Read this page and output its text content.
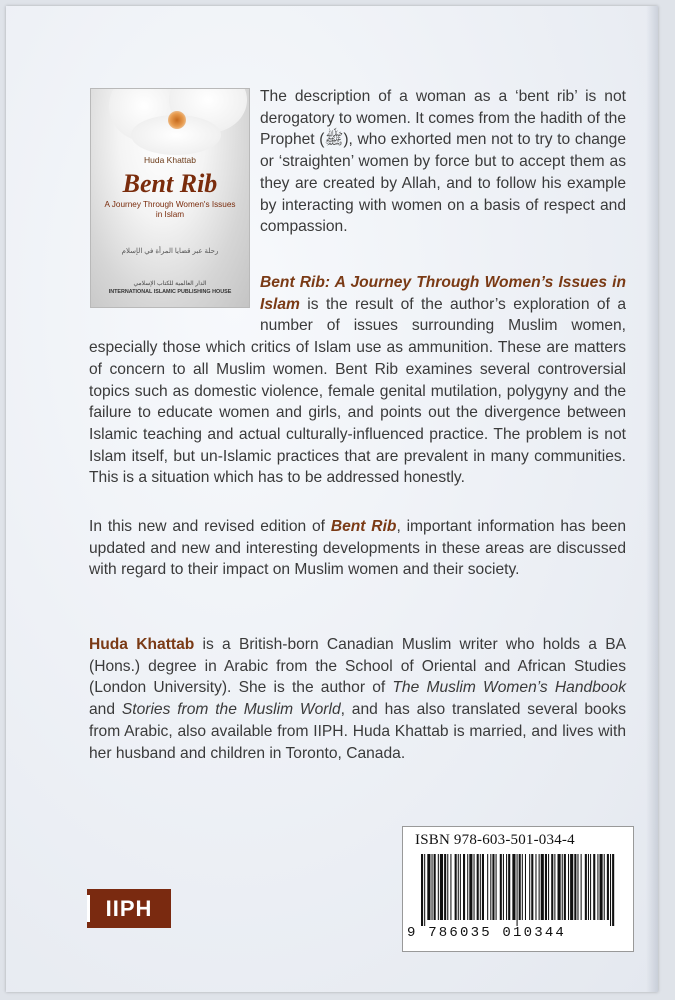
Huda Khattab
Bent Rib
A Journey Through Women's Issues in Islam
رحلة عبر قضايا المرأة في الإسلام
الدار العالمية للكتاب الإسلامي
INTERNATIONAL ISLAMIC PUBLISHING HOUSE
The description of a woman as a ‘bent rib’ is not derogatory to women. It comes from the hadith of the Prophet (ﷺ), who exhorted men not to try to change or ‘straighten’ women by force but to accept them as they are created by Allah, and to follow his example by interacting with women on a basis of respect and compassion.
Bent Rib: A Journey Through Women’s Issues in Islam is the result of the author’s exploration of a number of issues surrounding Muslim women, especially those which critics of Islam use as ammunition. These are matters of concern to all Muslim women. Bent Rib examines several controversial topics such as domestic violence, female genital mutilation, polygyny and the failure to educate women and girls, and points out the divergence between Islamic teaching and actual culturally-influenced practice. The problem is not Islam itself, but un-Islamic practices that are prevalent in many communities. This is a situation which has to be addressed honestly.
In this new and revised edition of Bent Rib, important information has been updated and new and interesting developments in these areas are discussed with regard to their impact on Muslim women and their society.
Huda Khattab is a British-born Canadian Muslim writer who holds a BA (Hons.) degree in Arabic from the School of Oriental and African Studies (London University). She is the author of The Muslim Women’s Handbook and Stories from the Muslim World, and has also translated several books from Arabic, also available from IIPH. Huda Khattab is married, and lives with her husband and children in Toronto, Canada.
IIPH
ISBN 978-603-501-034-4
9 786035 010344
